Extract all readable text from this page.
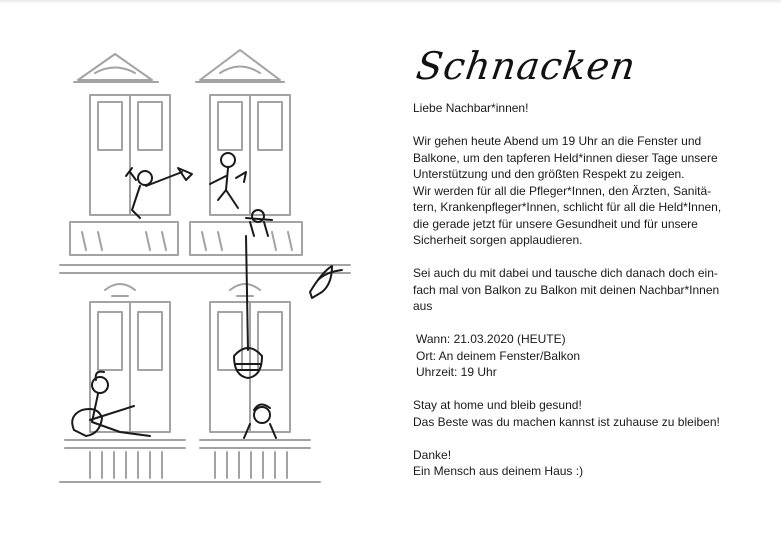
Schnacken

Liebe Nachbar*innen!

Wir gehen heute Abend um 19 Uhr an die Fenster und
Balkone, um den tapferen Held*innen dieser Tage unsere
Unterstützung und den größten Respekt zu zeigen.
Wir werden für all die Pfleger*Innen, den Ärzten, Sanitä-
tern, Krankenpfleger*Innen, schlicht für all die Held*Innen,
die gerade jetzt für unsere Gesundheit und für unsere
Sicherheit sorgen applaudieren.

Sei auch du mit dabei und tausche dich danach doch ein-
fach mal von Balkon zu Balkon mit deinen Nachbar*Innen
aus

Wann: 21.03.2020 (HEUTE)

Ort: An deinem Fenster/Balkon

Uhrzeit: 19 Uhr

Stay at home und bleib gesund!

Das Beste was du machen kannst ist zuhause zu bleiben!

Danke!

Ein Mensch aus deinem Haus :)
